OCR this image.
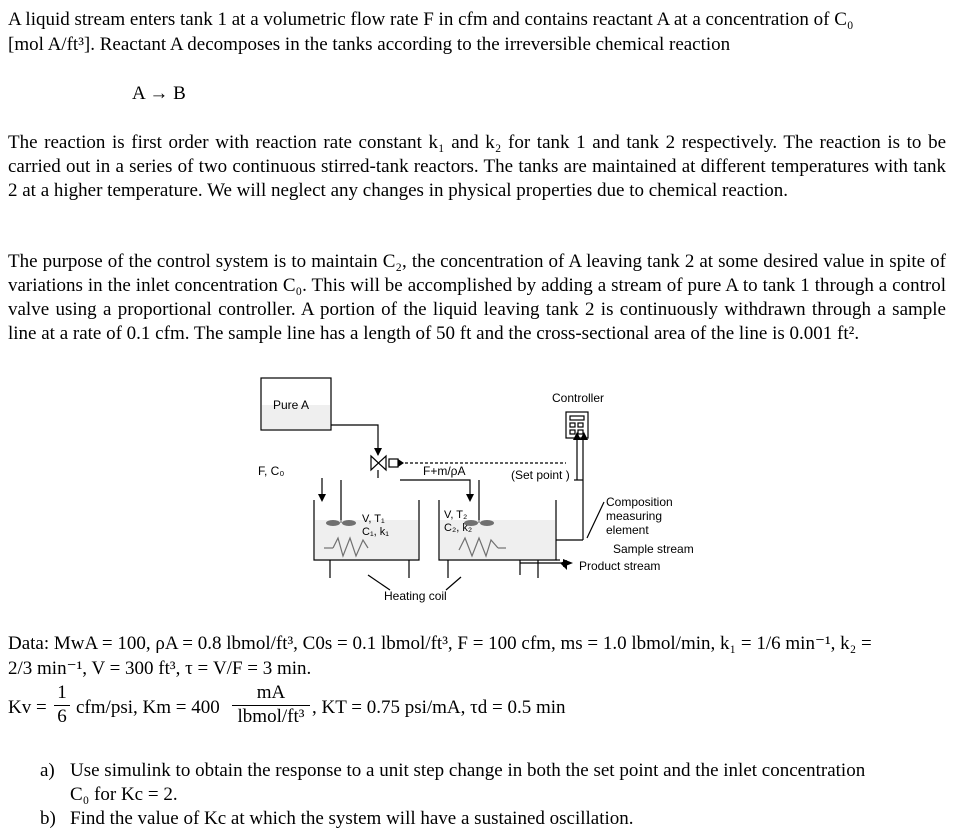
A liquid stream enters tank 1 at a volumetric flow rate F in cfm and contains reactant A at a concentration of C₀

[mol A/ft³]. Reactant A decomposes in the tanks according to the irreversible chemical reaction

A → B

The reaction is first order with reaction rate constant k₁ and k₂ for tank 1 and tank 2 respectively. The reaction is to be carried out in a series of two continuous stirred-tank reactors. The tanks are maintained at different temperatures with tank 2 at a higher temperature. We will neglect any changes in physical properties due to chemical reaction.

The purpose of the control system is to maintain C₂, the concentration of A leaving tank 2 at some desired value in spite of variations in the inlet concentration C₀. This will be accomplished by adding a stream of pure A to tank 1 through a control valve using a proportional controller. A portion of the liquid leaving tank 2 is continuously withdrawn through a sample line at a rate of 0.1 cfm. The sample line has a length of 50 ft and the cross-sectional area of the line is 0.001 ft².

Pure A	Controller
F, C₀	F+m/ρA	(Set point )
V, T₁
C₁, k₁
V, T₂
C₂, k₂
Composition
measuring
element
Sample stream
Product stream
Heating coil

Data: MwA = 100, ρA = 0.8 lbmol/ft³, C0s = 0.1 lbmol/ft³, F = 100 cfm, ms = 1.0 lbmol/min, k₁ = 1/6 min⁻¹, k₂ =

2/3 min⁻¹, V = 300 ft³, τ = V/F = 3 min.

$Kv = \frac{1}{6} cfm/psi$, Km = 400
mA
lbmol/ft³ , KT = 0.75 psi/mA, τd = 0.5 min
a) Use simulink to obtain the response to a unit step change in both the set point and the inlet concentration
C₀ for Kc = 2.
b) Find the value of Kc at which the system will have a sustained oscillation.
